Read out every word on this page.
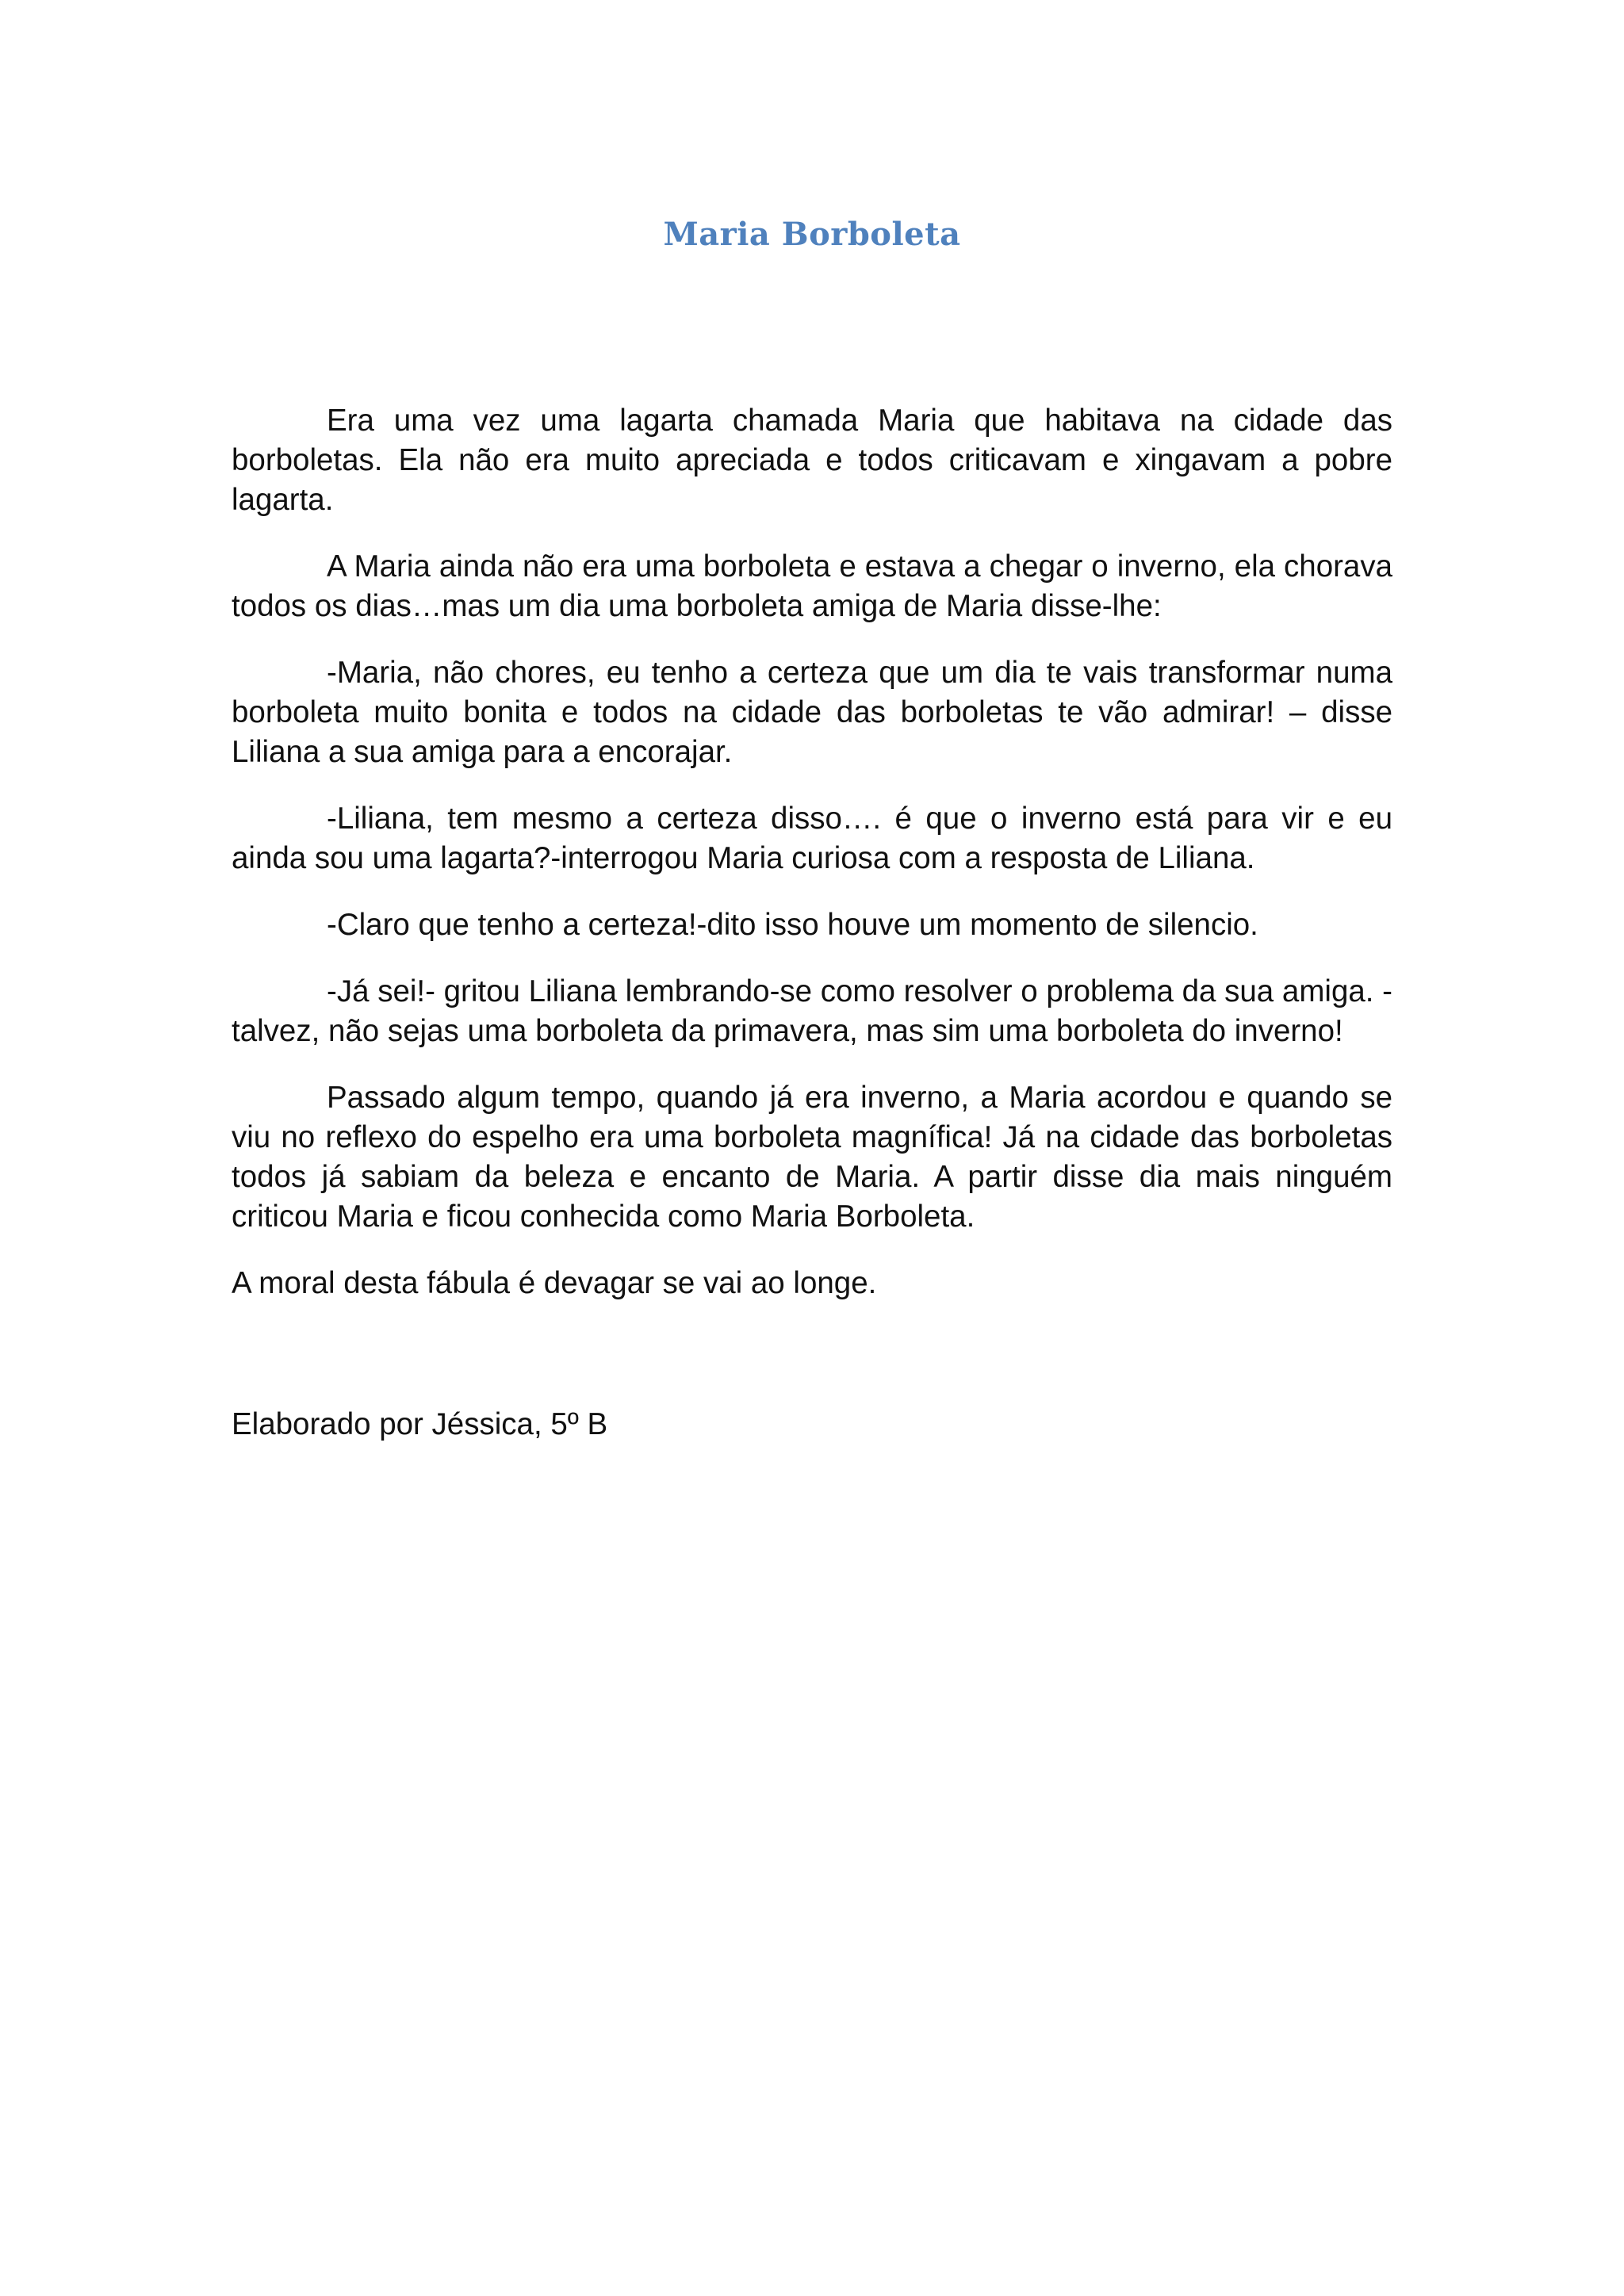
Maria Borboleta

Era uma vez uma lagarta chamada Maria que habitava na cidade das borboletas. Ela não era muito apreciada e todos criticavam e xingavam a pobre lagarta.

A Maria ainda não era uma borboleta e estava a chegar o inverno, ela chorava todos os dias…mas um dia uma borboleta amiga de Maria disse-lhe:

-Maria, não chores, eu tenho a certeza que um dia te vais transformar numa borboleta muito bonita e todos na cidade das borboletas te vão admirar! – disse Liliana a sua amiga para a encorajar.

-Liliana, tem mesmo a certeza disso…. é que o inverno está para vir e eu ainda sou uma lagarta?-interrogou Maria curiosa com a resposta de Liliana.

-Claro que tenho a certeza!-dito isso houve um momento de silencio.

-Já sei!- gritou Liliana lembrando-se como resolver o problema da sua amiga. -talvez, não sejas uma borboleta da primavera, mas sim uma borboleta do inverno!

Passado algum tempo, quando já era inverno, a Maria acordou e quando se viu no reflexo do espelho era uma borboleta magnífica! Já na cidade das borboletas todos já sabiam da beleza e encanto de Maria. A partir disse dia mais ninguém criticou Maria e ficou conhecida como Maria Borboleta.

A moral desta fábula é devagar se vai ao longe.

Elaborado por Jéssica, 5º B
